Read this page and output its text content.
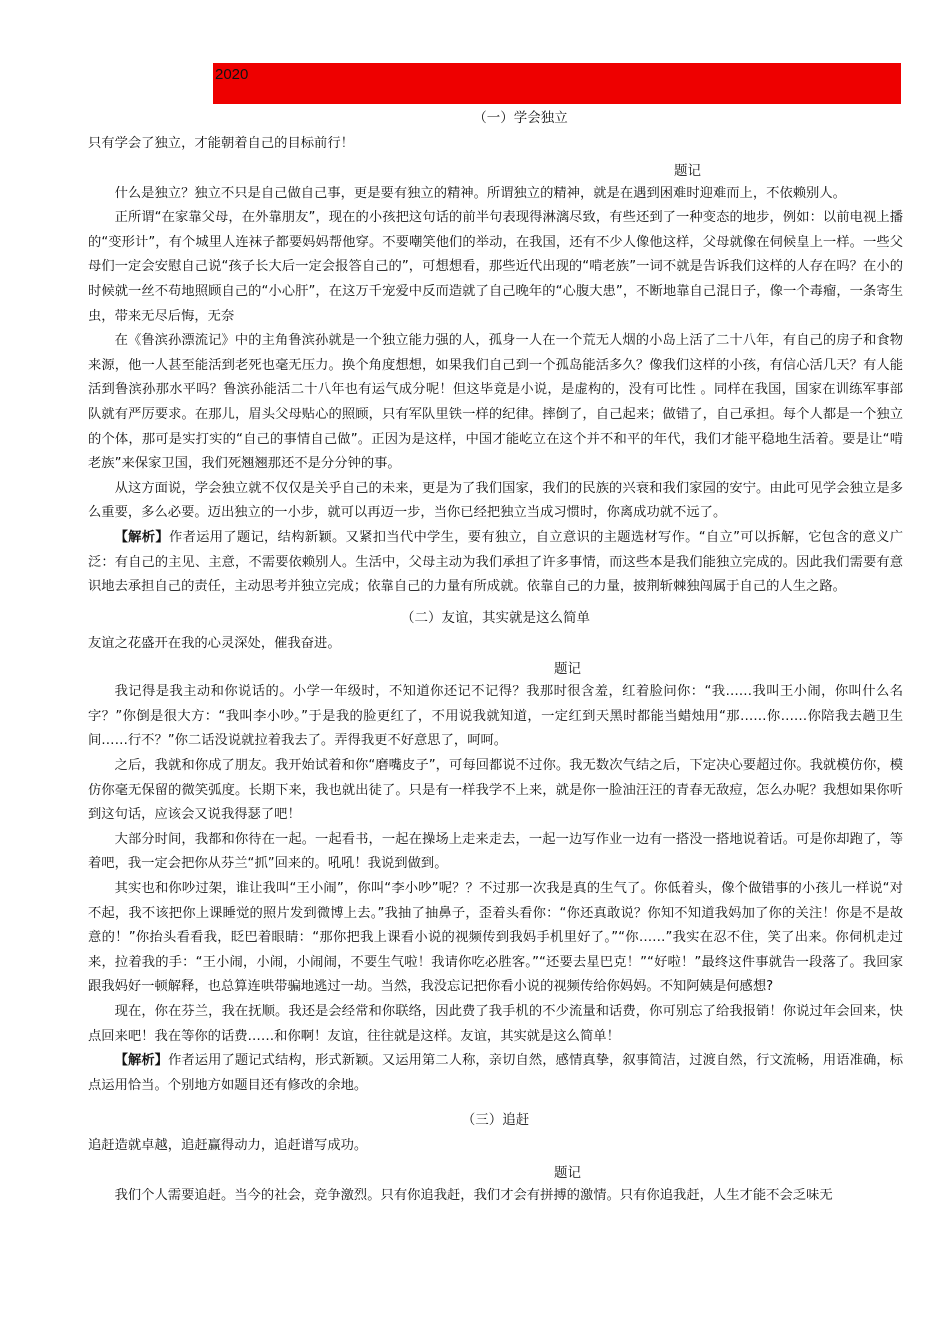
2020
（一）学会独立

只有学会了独立，才能朝着自己的目标前行！

题记

什么是独立？独立不只是自己做自己事，更是要有独立的精神。所谓独立的精神，就是在遇到困难时迎难而上，不依赖别人。

正所谓“在家靠父母，在外靠朋友”，现在的小孩把这句话的前半句表现得淋漓尽致，有些还到了一种变态的地步，例如：以前电视上播的“变形计”，有个城里人连袜子都要妈妈帮他穿。不要嘲笑他们的举动，在我国，还有不少人像他这样，父母就像在伺候皇上一样。一些父母们一定会安慰自己说“孩子长大后一定会报答自己的”，可想想看，那些近代出现的“啃老族”一词不就是告诉我们这样的人存在吗？在小的时候就一丝不苟地照顾自己的“小心肝”，在这万千宠爱中反而造就了自己晚年的“心腹大患”，不断地靠自己混日子，像一个毒瘤，一条寄生虫，带来无尽后悔，无奈

在《鲁滨孙漂流记》中的主角鲁滨孙就是一个独立能力强的人，孤身一人在一个荒无人烟的小岛上活了二十八年，有自己的房子和食物来源，他一人甚至能活到老死也毫无压力。换个角度想想，如果我们自己到一个孤岛能活多久？像我们这样的小孩，有信心活几天？有人能活到鲁滨孙那水平吗？鲁滨孙能活二十八年也有运气成分呢！但这毕竟是小说，是虚构的，没有可比性 。同样在我国，国家在训练军事部队就有严厉要求。在那儿，眉头父母贴心的照顾，只有军队里铁一样的纪律。摔倒了，自己起来；做错了，自己承担。每个人都是一个独立的个体，那可是实打实的“自己的事情自己做”。正因为是这样，中国才能屹立在这个并不和平的年代，我们才能平稳地生活着。要是让“啃老族”来保家卫国，我们死翘翘那还不是分分钟的事。

从这方面说，学会独立就不仅仅是关乎自己的未来，更是为了我们国家，我们的民族的兴衰和我们家园的安宁。由此可见学会独立是多么重要，多么必要。迈出独立的一小步，就可以再迈一步，当你已经把独立当成习惯时，你离成功就不远了。

【解析】作者运用了题记，结构新颖。又紧扣当代中学生，要有独立，自立意识的主题选材写作。“自立”可以拆解，它包含的意义广泛：有自己的主见、主意，不需要依赖别人。生活中，父母主动为我们承担了许多事情，而这些本是我们能独立完成的。因此我们需要有意识地去承担自己的责任，主动思考并独立完成；依靠自己的力量有所成就。依靠自己的力量，披荆斩棘独闯属于自己的人生之路。

（二）友谊，其实就是这么简单

友谊之花盛开在我的心灵深处，催我奋进。

题记

我记得是我主动和你说话的。小学一年级时，不知道你还记不记得？我那时很含羞，红着脸问你：“我……我叫王小闹，你叫什么名字？”你倒是很大方：“我叫李小吵。”于是我的脸更红了，不用说我就知道，一定红到天黑时都能当蜡烛用“那……你……你陪我去趟卫生间……行不？”你二话没说就拉着我去了。弄得我更不好意思了，呵呵。

之后，我就和你成了朋友。我开始试着和你“磨嘴皮子”，可每回都说不过你。我无数次气结之后，下定决心要超过你。我就模仿你，模仿你毫无保留的微笑弧度。长期下来，我也就出徒了。只是有一样我学不上来，就是你一脸油汪汪的青春无敌痘，怎么办呢？我想如果你听到这句话，应该会又说我得瑟了吧！

大部分时间，我都和你待在一起。一起看书，一起在操场上走来走去，一起一边写作业一边有一搭没一搭地说着话。可是你却跑了，等着吧，我一定会把你从芬兰“抓”回来的。吼吼！我说到做到。

其实也和你吵过架，谁让我叫“王小闹”，你叫“李小吵”呢？？不过那一次我是真的生气了。你低着头，像个做错事的小孩儿一样说“对不起，我不该把你上课睡觉的照片发到微博上去。”我抽了抽鼻子，歪着头看你：“你还真敢说？你知不知道我妈加了你的关注！你是不是故意的！”你抬头看看我，眨巴着眼睛：“那你把我上课看小说的视频传到我妈手机里好了。”“你……”我实在忍不住，笑了出来。你伺机走过来，拉着我的手：“王小闹，小闹，小闹闹，不要生气啦！我请你吃必胜客。”“还要去星巴克！”“好啦！”最终这件事就告一段落了。我回家跟我妈好一顿解释，也总算连哄带骗地逃过一劫。当然，我没忘记把你看小说的视频传给你妈妈。不知阿姨是何感想?

现在，你在芬兰，我在抚顺。我还是会经常和你联络，因此费了我手机的不少流量和话费，你可别忘了给我报销！你说过年会回来，快点回来吧！我在等你的话费……和你啊！友谊，往往就是这样。友谊，其实就是这么简单！

【解析】作者运用了题记式结构，形式新颖。又运用第二人称，亲切自然，感情真挚，叙事简洁，过渡自然，行文流畅，用语准确，标点运用恰当。个别地方如题目还有修改的余地。

（三）追赶

追赶造就卓越，追赶赢得动力，追赶谱写成功。

题记

我们个人需要追赶。当今的社会，竞争激烈。只有你追我赶，我们才会有拼搏的激情。只有你追我赶，人生才能不会乏味无
